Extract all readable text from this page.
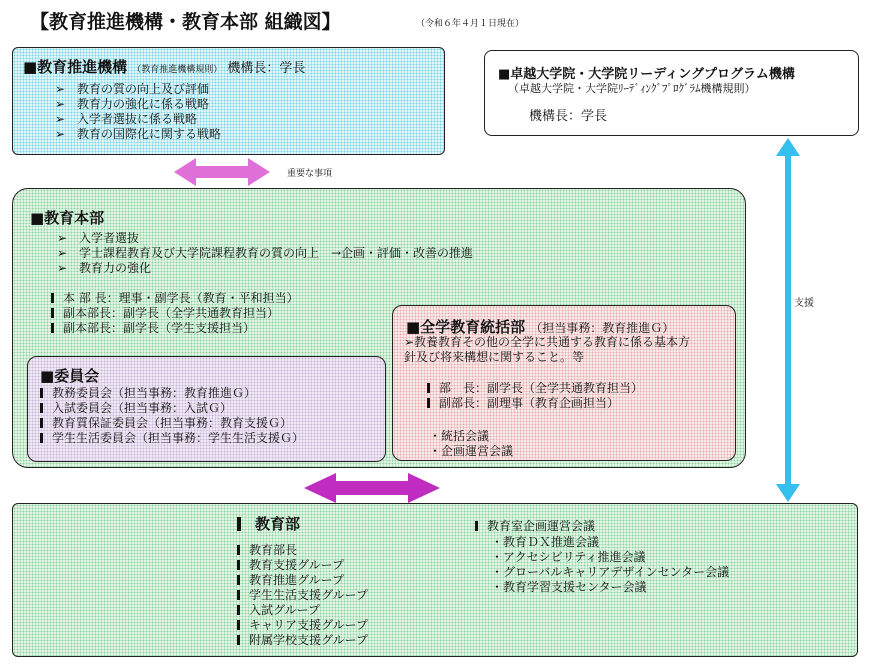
【教育推進機構・教育本部 組織図】	（令和６年４月１日現在）
■教育推進機構 （教育推進機構規則） 機構長：学長
➢ 教育の質の向上及び評価
➢ 教育力の強化に係る戦略
➢ 入学者選抜に係る戦略
➢ 教育の国際化に関する戦略
■卓越大学院・大学院リーディングプログラム機構
（卓越大学院・大学院ﾘｰﾃﾞｨﾝｸﾞﾌﾟﾛｸﾞﾗﾑ機構規則）
機構長：学長
重要な事項
支援
■教育本部
➢ 入学者選抜
➢ 学士課程教育及び大学院課程教育の質の向上　→企画・評価・改善の推進
➢ 教育力の強化
本 部 長：理事・副学長（教育・平和担当）
副本部長：副学長（全学共通教育担当）
副本部長：副学長（学生支援担当）
■委員会
教務委員会（担当事務：教育推進Ｇ）
入試委員会（担当事務：入試Ｇ）
教育質保証委員会（担当事務：教育支援Ｇ）
学生生活委員会（担当事務：学生生活支援Ｇ）
■全学教育統括部 （担当事務：教育推進Ｇ）
➢教養教育その他の全学に共通する教育に係る基本方
針及び将来構想に関すること。等
部　長：副学長（全学共通教育担当）
副部長：副理事（教育企画担当）
・統括会議
・企画運営会議
教育部
教育部長
教育支援グループ
教育推進グループ
学生生活支援グループ
入試グループ
キャリア支援グループ
附属学校支援グループ
教育室企画運営会議
・教育ＤＸ推進会議
・アクセシビリティ推進会議
・グローバルキャリアデザインセンター会議
・教育学習支援センター会議
